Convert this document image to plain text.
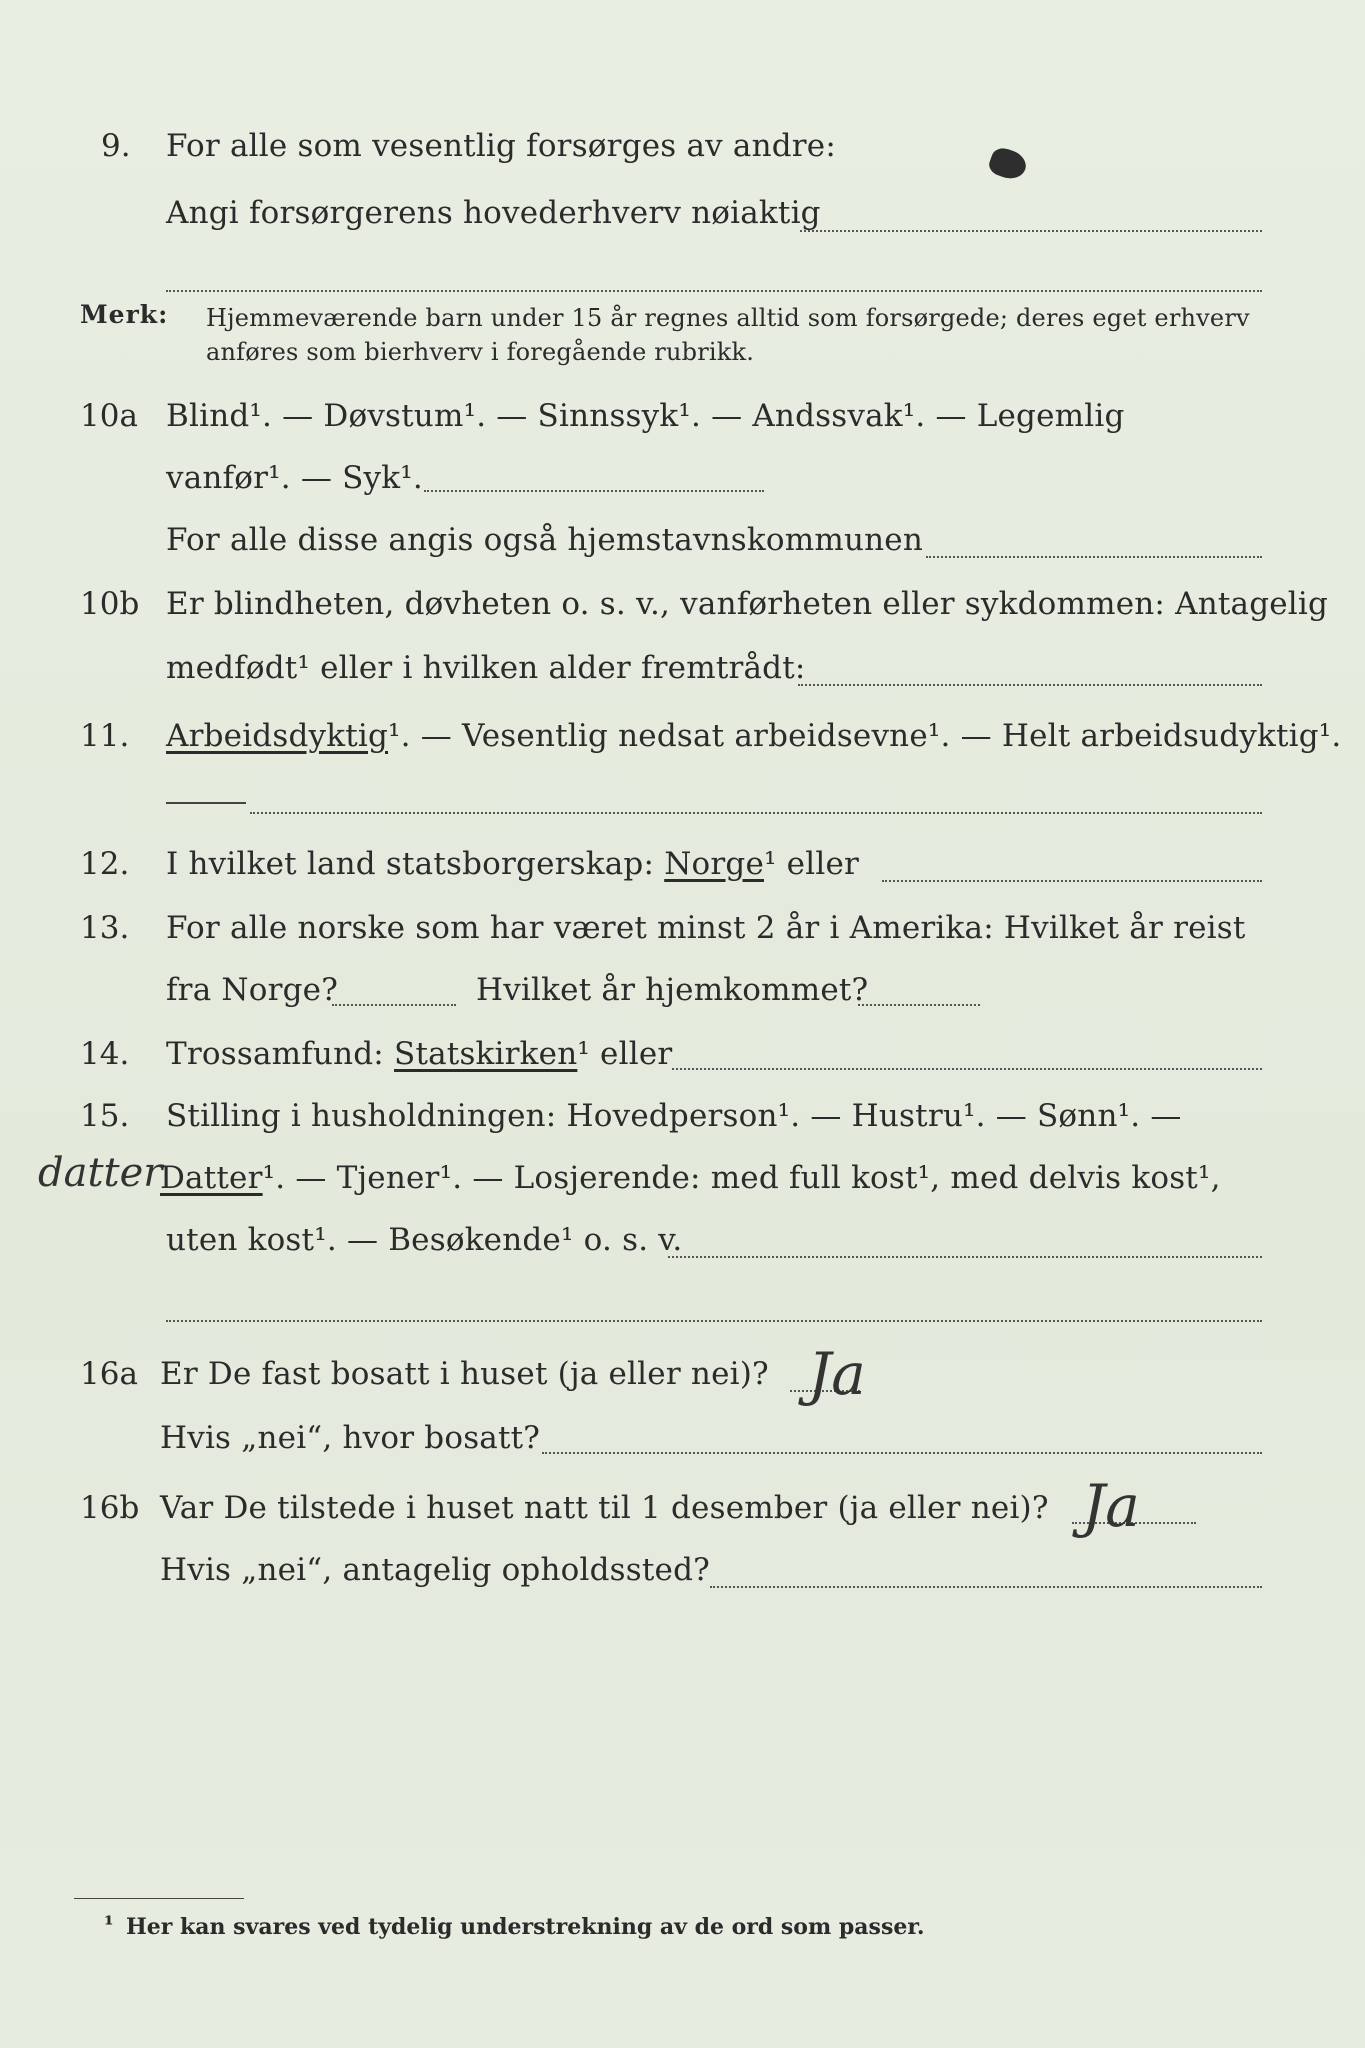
9. For alle som vesentlig forsørges av andre:
Angi forsørgerens hovederhverv nøiaktig
Merk: Hjemmeværende barn under 15 år regnes alltid som forsørgede; deres eget erhverv
anføres som bierhverv i foregående rubrikk.
10a Blind¹. — Døvstum¹. — Sinnssyk¹. — Andssvak¹. — Legemlig
vanfør¹. — Syk¹.
For alle disse angis også hjemstavnskommunen
10b Er blindheten, døvheten o. s. v., vanførheten eller sykdommen: Antagelig
medfødt¹ eller i hvilken alder fremtrådt:
11. Arbeidsdyktig¹. — Vesentlig nedsat arbeidsevne¹. — Helt arbeidsudyktig¹.
12. I hvilket land statsborgerskap: Norge¹ eller
13. For alle norske som har været minst 2 år i Amerika: Hvilket år reist
fra Norge?	Hvilket år hjemkommet?
14. Trossamfund: Statskirken¹ eller
15. Stilling i husholdningen: Hovedperson¹. — Hustru¹. — Sønn¹. —
datter
Datter¹. — Tjener¹. — Losjerende: med full kost¹, med delvis kost¹,
uten kost¹. — Besøkende¹ o. s. v.
16a Er De fast bosatt i huset (ja eller nei)? Ja
Hvis „nei“, hvor bosatt?
16b Var De tilstede i huset natt til 1 desember (ja eller nei)? Ja
Hvis „nei“, antagelig opholdssted?
¹ Her kan svares ved tydelig understrekning av de ord som passer.
